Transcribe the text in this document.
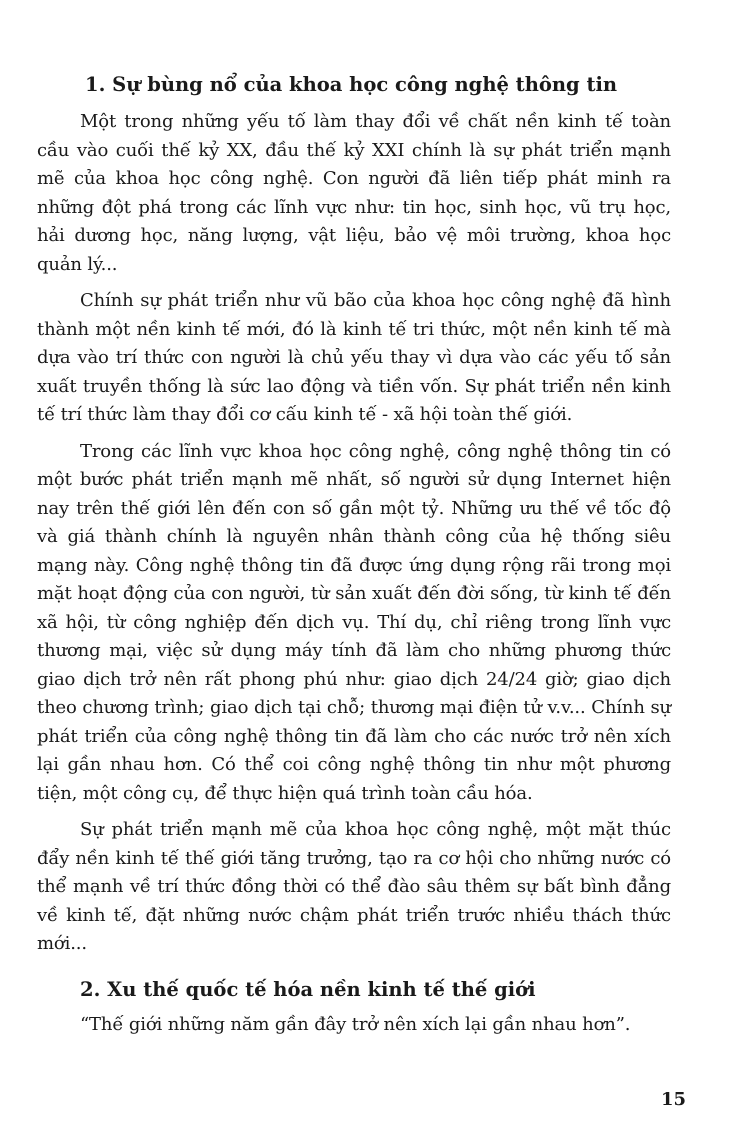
1. Sự bùng nổ của khoa học công nghệ thông tin

Một trong những yếu tố làm thay đổi về chất nền kinh tế toàn cầu vào cuối thế kỷ XX, đầu thế kỷ XXI chính là sự phát triển mạnh mẽ của khoa học công nghệ. Con người đã liên tiếp phát minh ra những đột phá trong các lĩnh vực như: tin học, sinh học, vũ trụ học, hải dương học, năng lượng, vật liệu, bảo vệ môi trường, khoa học quản lý...

Chính sự phát triển như vũ bão của khoa học công nghệ đã hình thành một nền kinh tế mới, đó là kinh tế tri thức, một nền kinh tế mà dựa vào trí thức con người là chủ yếu thay vì dựa vào các yếu tố sản xuất truyền thống là sức lao động và tiền vốn. Sự phát triển nền kinh tế trí thức làm thay đổi cơ cấu kinh tế - xã hội toàn thế giới.

Trong các lĩnh vực khoa học công nghệ, công nghệ thông tin có một bước phát triển mạnh mẽ nhất, số người sử dụng Internet hiện nay trên thế giới lên đến con số gần một tỷ. Những ưu thế về tốc độ và giá thành chính là nguyên nhân thành công của hệ thống siêu mạng này. Công nghệ thông tin đã được ứng dụng rộng rãi trong mọi mặt hoạt động của con người, từ sản xuất đến đời sống, từ kinh tế đến xã hội, từ công nghiệp đến dịch vụ. Thí dụ, chỉ riêng trong lĩnh vực thương mại, việc sử dụng máy tính đã làm cho những phương thức giao dịch trở nên rất phong phú như: giao dịch 24/24 giờ; giao dịch theo chương trình; giao dịch tại chỗ; thương mại điện tử v.v... Chính sự phát triển của công nghệ thông tin đã làm cho các nước trở nên xích lại gần nhau hơn. Có thể coi công nghệ thông tin như một phương tiện, một công cụ, để thực hiện quá trình toàn cầu hóa.

Sự phát triển mạnh mẽ của khoa học công nghệ, một mặt thúc đẩy nền kinh tế thế giới tăng trưởng, tạo ra cơ hội cho những nước có thể mạnh về trí thức đồng thời có thể đào sâu thêm sự bất bình đẳng về kinh tế, đặt những nước chậm phát triển trước nhiều thách thức mới...

2. Xu thế quốc tế hóa nền kinh tế thế giới

“Thế giới những năm gần đây trở nên xích lại gần nhau hơn”.

15
